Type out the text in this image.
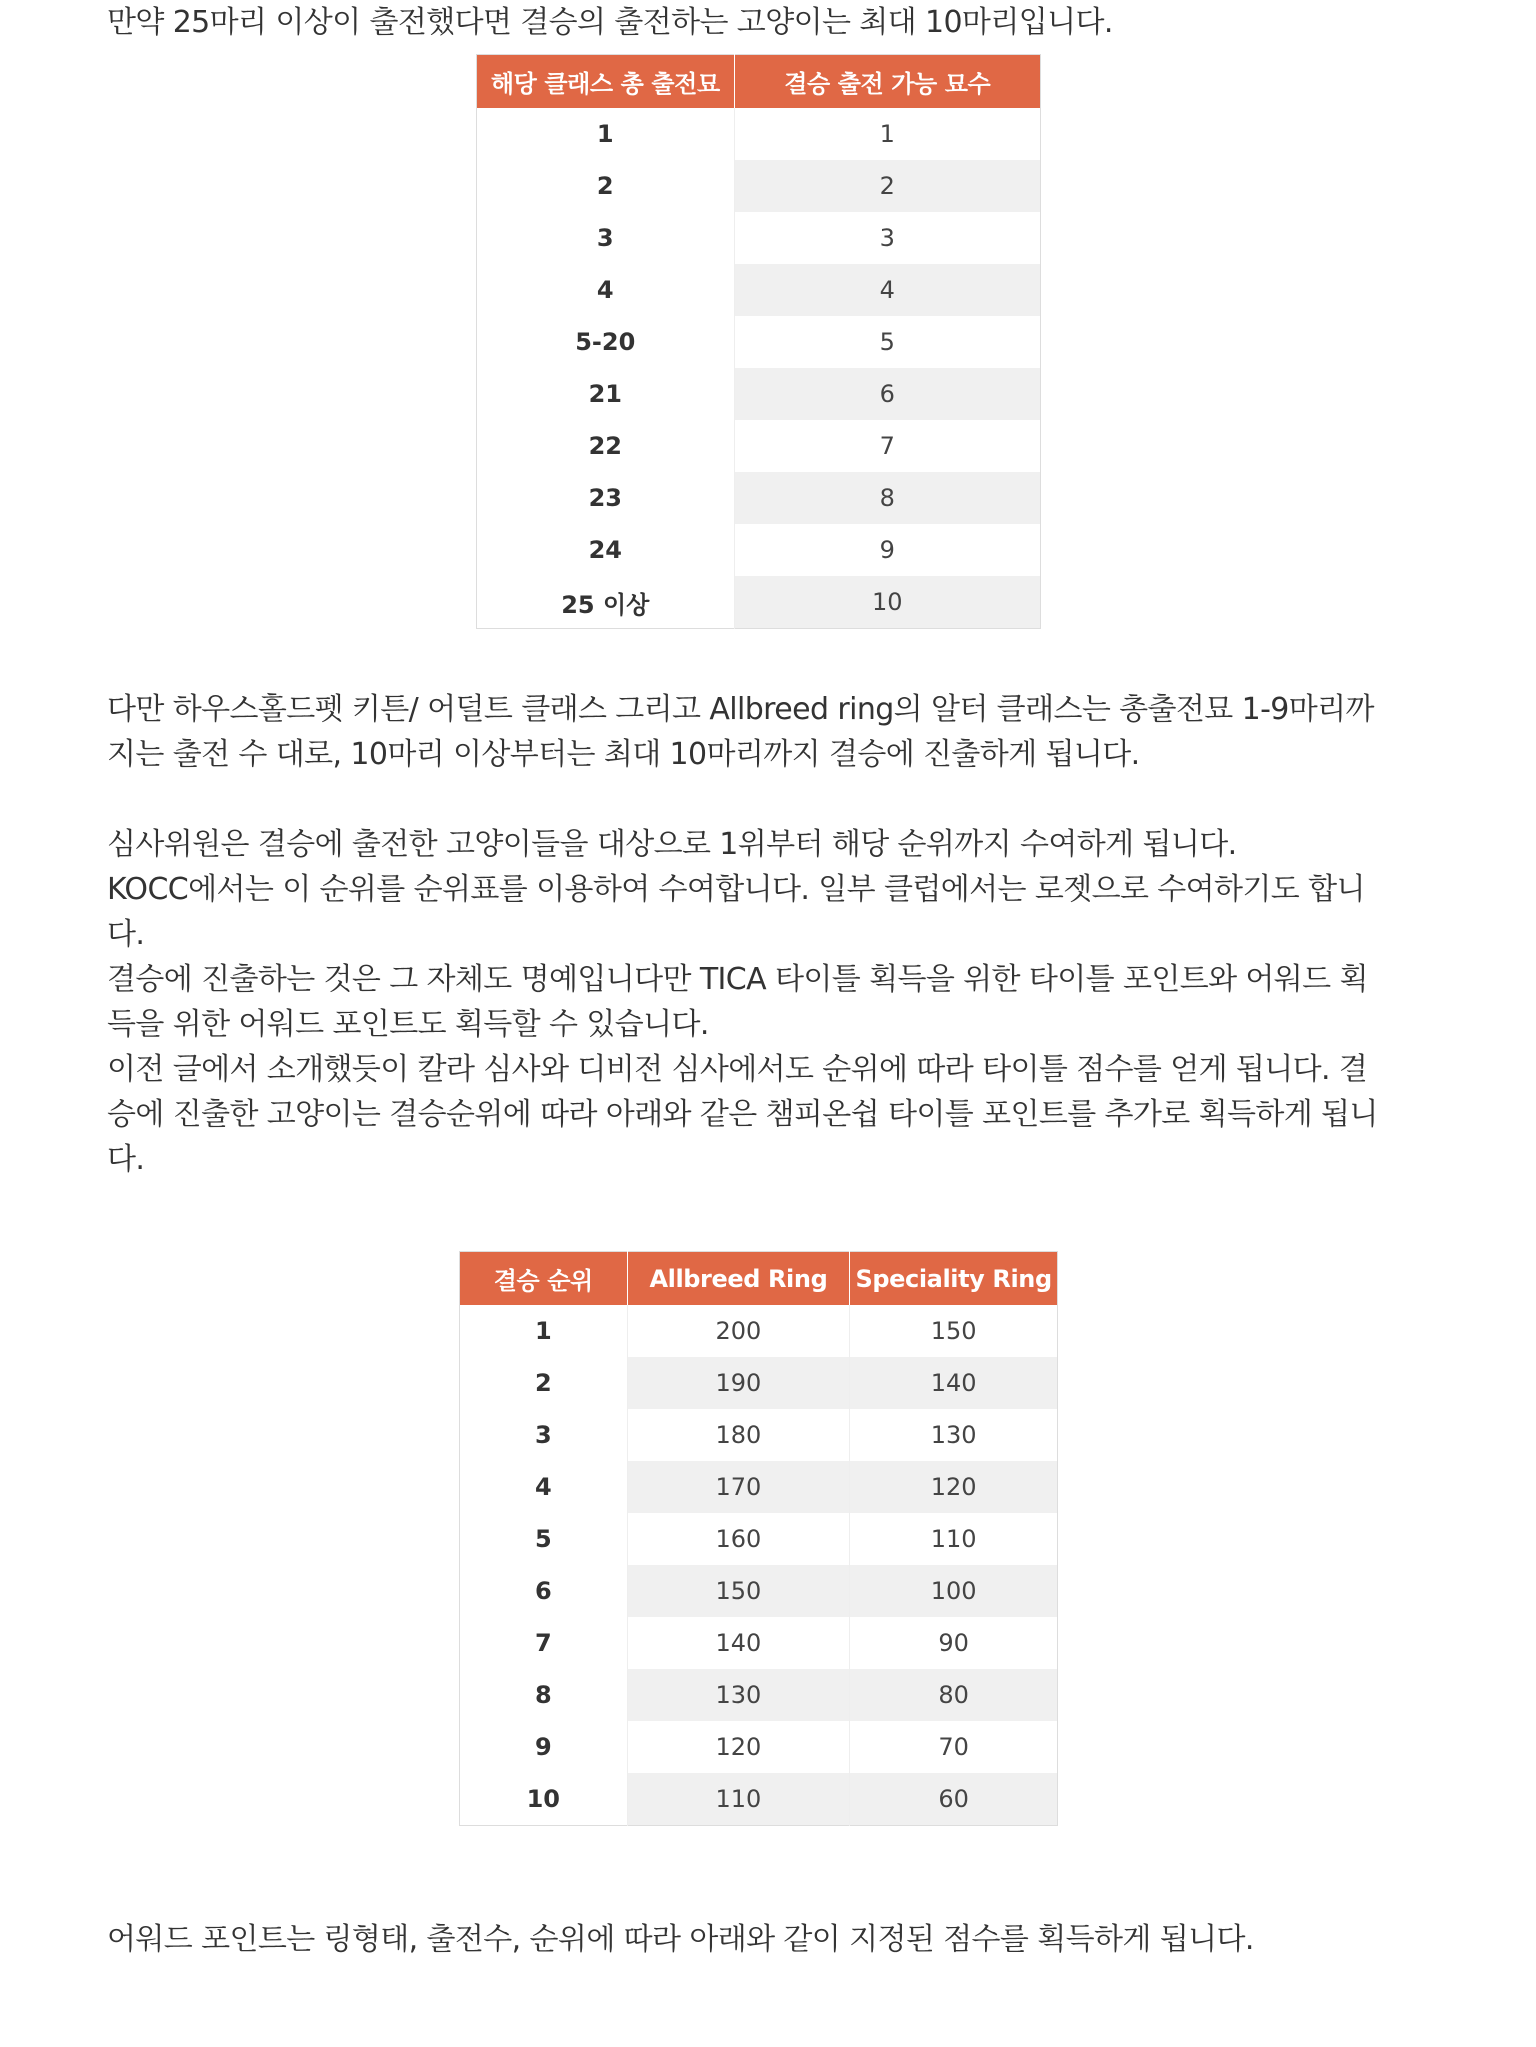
만약 25마리 이상이 출전했다면 결승의 출전하는 고양이는 최대 10마리입니다.

해당 클래스 총 출전묘	결승 출전 가능 묘수
1	1
2	2
3	3
4	4
5-20	5
21	6
22	7
23	8
24	9
25 이상	10

다만 하우스홀드펫 키튼/ 어덜트 클래스 그리고 Allbreed ring의 알터 클래스는 총출전묘 1-9마리까
지는 출전 수 대로, 10마리 이상부터는 최대 10마리까지 결승에 진출하게 됩니다.

심사위원은 결승에 출전한 고양이들을 대상으로 1위부터 해당 순위까지 수여하게 됩니다.
KOCC에서는 이 순위를 순위표를 이용하여 수여합니다. 일부 클럽에서는 로젯으로 수여하기도 합니
다.
결승에 진출하는 것은 그 자체도 명예입니다만 TICA 타이틀 획득을 위한 타이틀 포인트와 어워드 획
득을 위한 어워드 포인트도 획득할 수 있습니다.
이전 글에서 소개했듯이 칼라 심사와 디비전 심사에서도 순위에 따라 타이틀 점수를 얻게 됩니다. 결
승에 진출한 고양이는 결승순위에 따라 아래와 같은 챔피온쉽 타이틀 포인트를 추가로 획득하게 됩니
다.

결승 순위	Allbreed Ring	Speciality Ring
1	200	150
2	190	140
3	180	130
4	170	120
5	160	110
6	150	100
7	140	90
8	130	80
9	120	70
10	110	60

어워드 포인트는 링형태, 출전수, 순위에 따라 아래와 같이 지정된 점수를 획득하게 됩니다.
